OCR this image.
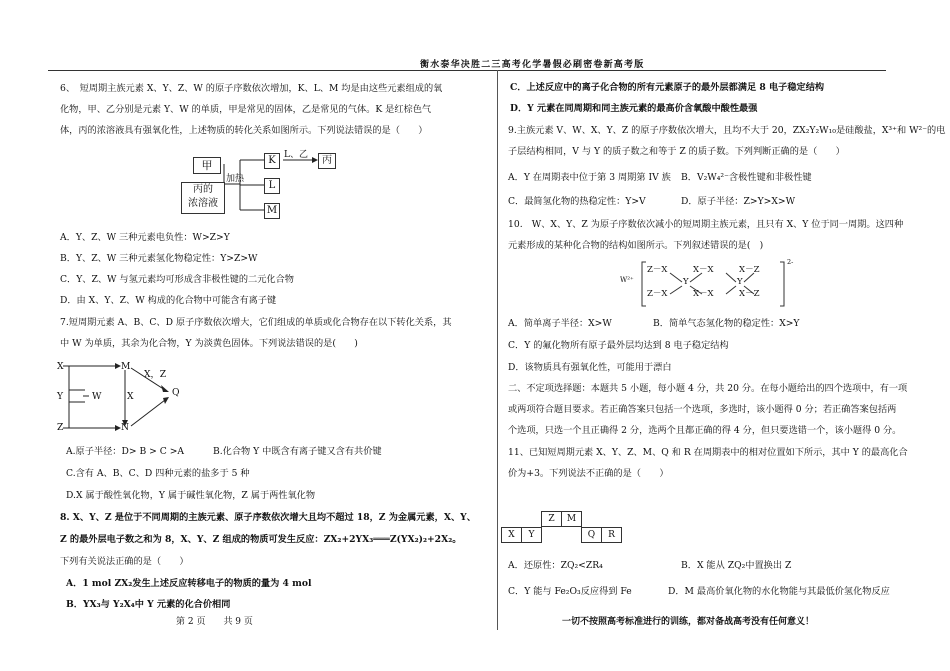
衡水泰华决胜二三高考化学暑假必刷密卷新高考版
6、　短周期主族元素 X、Y、Z、W 的原子序数依次增加，K、L、M 均是由这些元素组成的氧
化物，甲、乙分别是元素 Y、W 的单质，甲是常见的固体，乙是常见的气体。K 是红棕色气
体，丙的浓溶液具有强氧化性，上述物质的转化关系如图所示。下列说法错误的是（　　）
甲
丙的
浓溶液
加热
K
L
M
L、乙	丙
A．Y、Z、W 三种元素电负性：W>Z>Y
B．Y、Z、W 三种元素氢化物稳定性：Y>Z>W
C．Y、Z、W 与氢元素均可形成含非极性键的二元化合物
D．由 X、Y、Z、W 构成的化合物中可能含有离子键
7.短周期元素 A、B、C、D 原子序数依次增大，它们组成的单质或化合物存在以下转化关系，其
中 W 为单质，其余为化合物，Y 为淡黄色固体。下列说法错误的是(　　)
X
Y
Z
W
M
N
X
X，Z
Q
A.原子半径：D> B > C >A	B.化合物 Y 中既含有离子键又含有共价键
C.含有 A、B、C、D 四种元素的盐多于 5 种
D.X 属于酸性氧化物，Y 属于碱性氧化物，Z 属于两性氧化物
8. X、Y、Z 是位于不同周期的主族元素、原子序数依次增大且均不超过 18，Z 为金属元素，X、Y、
Z 的最外层电子数之和为 8，X、Y、Z 组成的物质可发生反应：ZX₂+2YX₃═══Z(YX₂)₂+2X₂。
下列有关说法正确的是（　　）
A．1 mol ZX₂发生上述反应转移电子的物质的量为 4 mol
B．YX₃与 Y₂X₄中 Y 元素的化合价相同
第 2 页　　共 9 页
C．上述反应中的离子化合物的所有元素原子的最外层都满足 8 电子稳定结构
D．Y 元素在同周期和同主族元素的最高价含氧酸中酸性最强
9.主族元素 V、W、X、Y、Z 的原子序数依次增大，且均不大于 20，ZX₂Y₂W₁₀是硅酸盐，X³⁺和 W²⁻的电
子层结构相同，V 与 Y 的质子数之和等于 Z 的质子数。下列判断正确的是（　　）
A．Y 在周期表中位于第 3 周期第 IV 族 B．V₂W₄²⁻含极性键和非极性键
C．最简氢化物的热稳定性：Y>V	D．原子半径：Z>Y>X>W
10.　W、X、Y、Z 为原子序数依次减小的短周期主族元素，且只有 X、Y 位于同一周期。这四种
元素形成的某种化合物的结构如图所示。下列叙述错误的是(　)
W²⁺
Z－X　　　X－X　　　X－Z
Z－X　　　X－X　　　X－Z
Y	Y
2-
A．简单离子半径：X>W	B．简单气态氢化物的稳定性：X>Y
C．Y 的氟化物所有原子最外层均达到 8 电子稳定结构
D．该物质具有强氧化性，可能用于漂白
二、不定项选择题：本题共 5 小题，每小题 4 分，共 20 分。在每小题给出的四个选项中，有一项
或两项符合题目要求。若正确答案只包括一个选项，多选时，该小题得 0 分；若正确答案包括两
个选项，只选一个且正确得 2 分，选两个且都正确的得 4 分，但只要选错一个，该小题得 0 分。
11、已知短周期元素 X、Y、Z、M、Q 和 R 在周期表中的相对位置如下所示，其中 Y 的最高化合
价为+3。下列说法不正确的是（　　）
Z	M
X	Y	Q	R
A．还原性：ZQ₂<ZR₄	B．X 能从 ZQ₂中置换出 Z
C．Y 能与 Fe₂O₃反应得到 Fe	D．M 最高价氧化物的水化物能与其最低价氢化物反应
一切不按照高考标准进行的训练，都对备战高考没有任何意义！
